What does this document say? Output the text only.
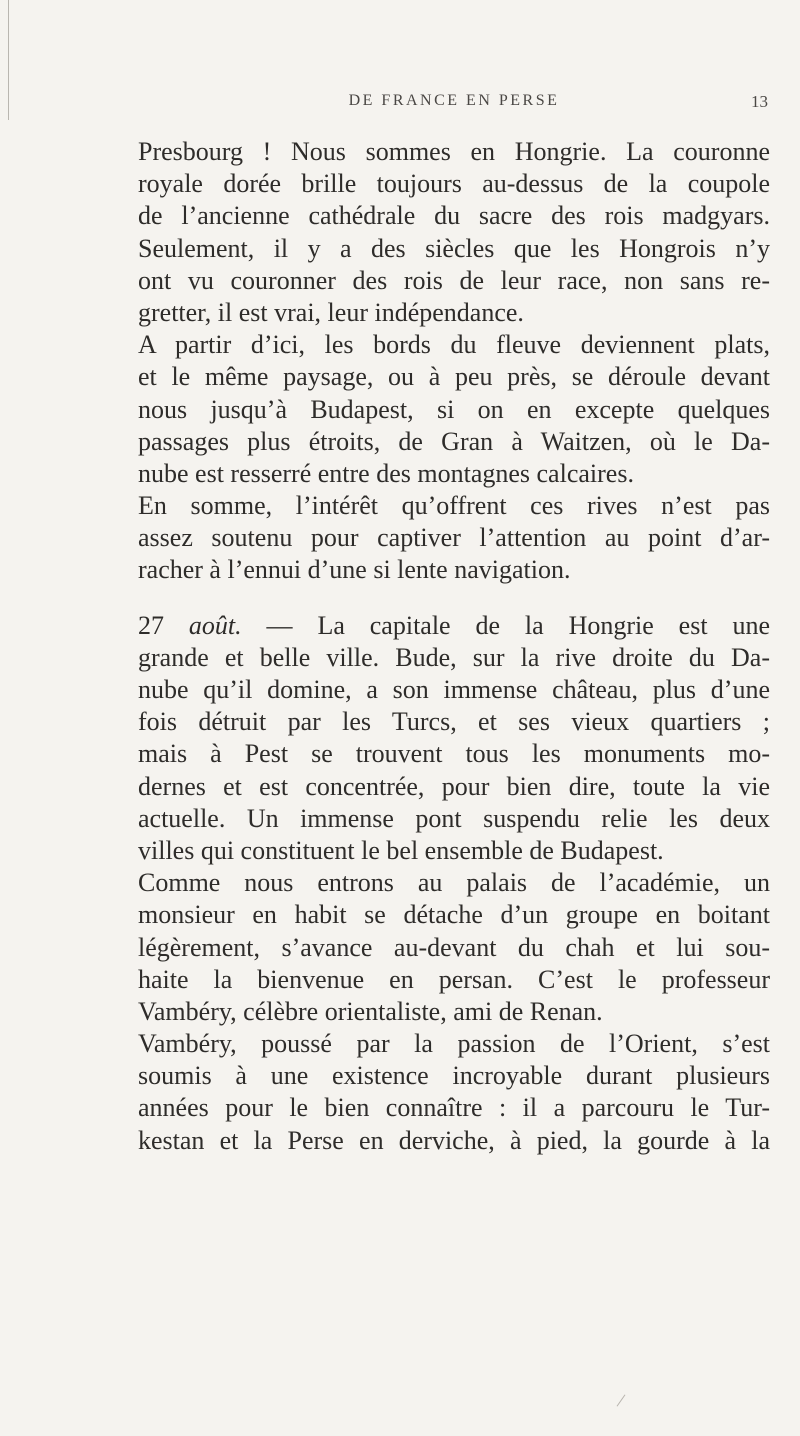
DE FRANCE EN PERSE	13
Presbourg ! Nous sommes en Hongrie. La couronne
royale dorée brille toujours au-dessus de la coupole
de l’ancienne cathédrale du sacre des rois madgyars.
Seulement, il y a des siècles que les Hongrois n’y
ont vu couronner des rois de leur race, non sans re-
gretter, il est vrai, leur indépendance.
A partir d’ici, les bords du fleuve deviennent plats,
et le même paysage, ou à peu près, se déroule devant
nous jusqu’à Budapest, si on en excepte quelques
passages plus étroits, de Gran à Waitzen, où le Da-
nube est resserré entre des montagnes calcaires.
En somme, l’intérêt qu’offrent ces rives n’est pas
assez soutenu pour captiver l’attention au point d’ar-
racher à l’ennui d’une si lente navigation.
27 août. — La capitale de la Hongrie est une
grande et belle ville. Bude, sur la rive droite du Da-
nube qu’il domine, a son immense château, plus d’une
fois détruit par les Turcs, et ses vieux quartiers ;
mais à Pest se trouvent tous les monuments mo-
dernes et est concentrée, pour bien dire, toute la vie
actuelle. Un immense pont suspendu relie les deux
villes qui constituent le bel ensemble de Budapest.
Comme nous entrons au palais de l’académie, un
monsieur en habit se détache d’un groupe en boitant
légèrement, s’avance au-devant du chah et lui sou-
haite la bienvenue en persan. C’est le professeur
Vambéry, célèbre orientaliste, ami de Renan.
Vambéry, poussé par la passion de l’Orient, s’est
soumis à une existence incroyable durant plusieurs
années pour le bien connaître : il a parcouru le Tur-
kestan et la Perse en derviche, à pied, la gourde à la
